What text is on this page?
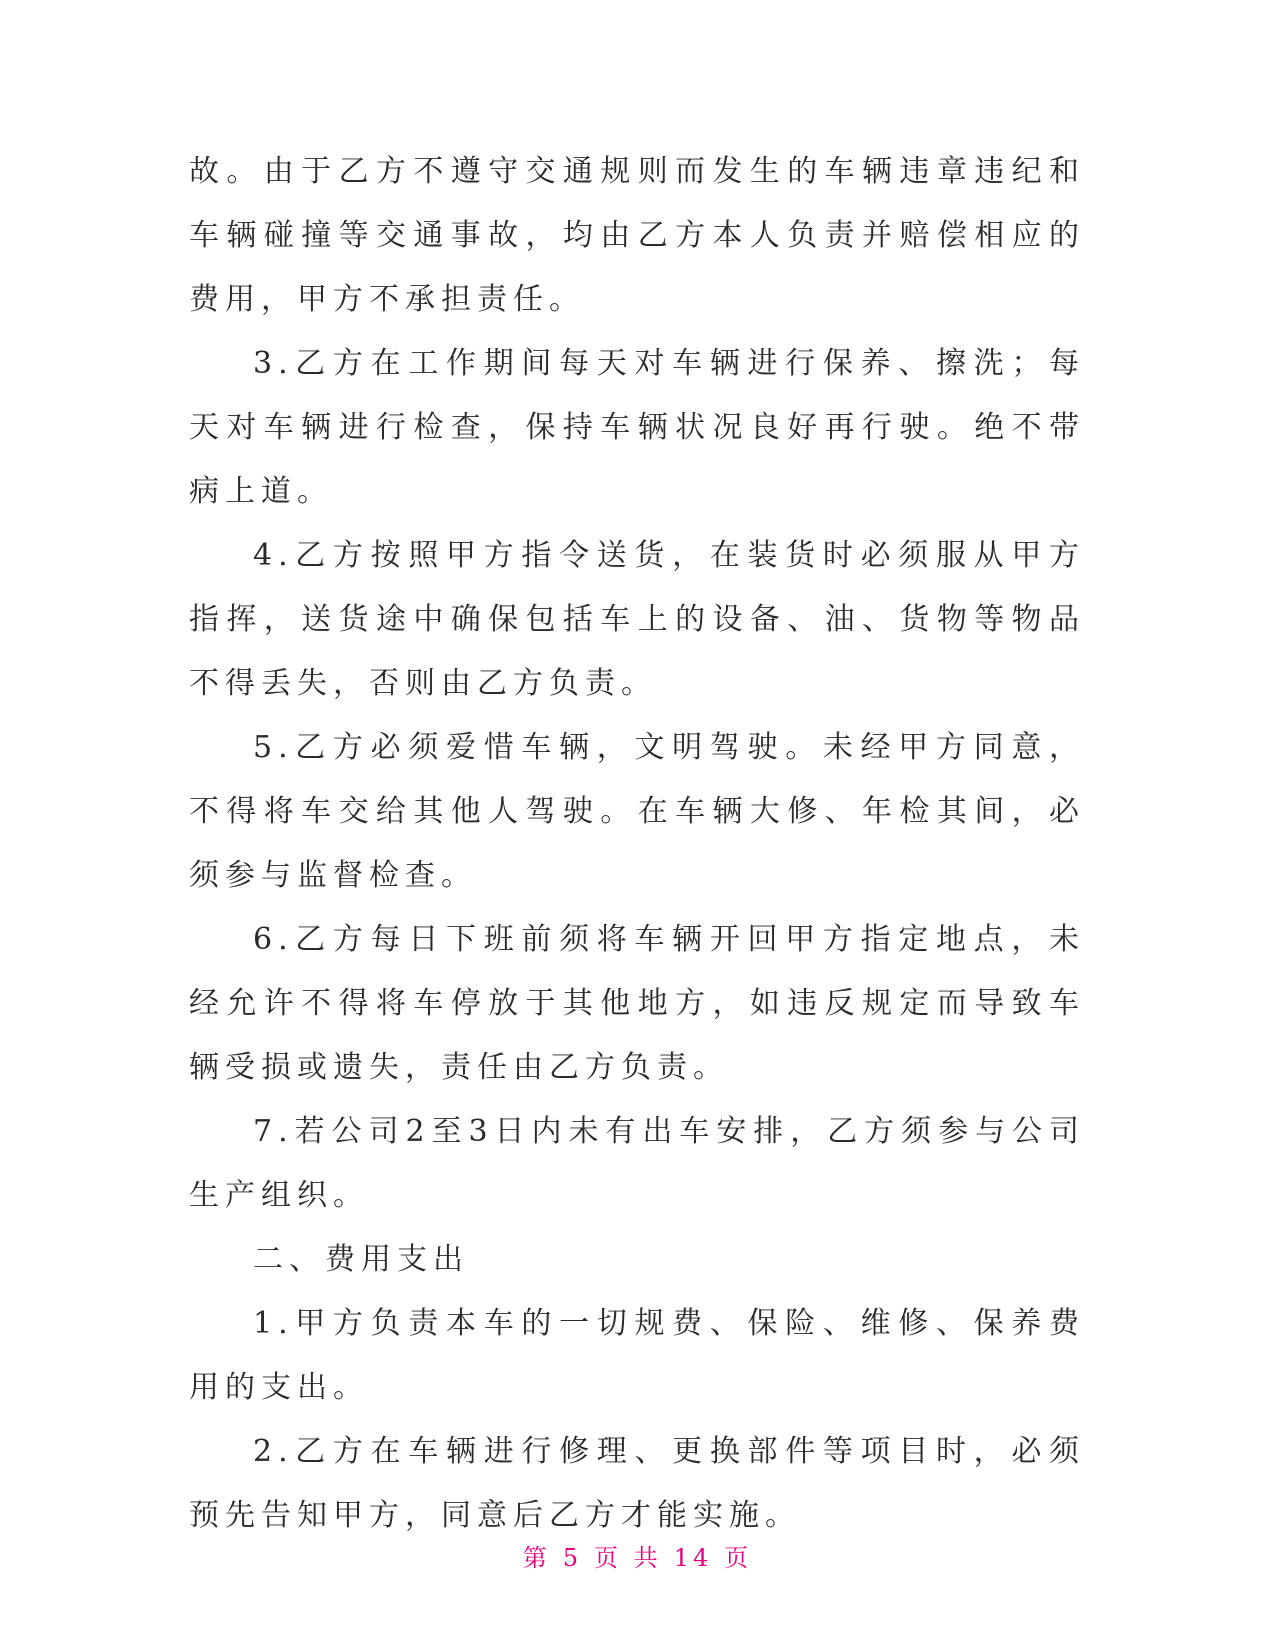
故。由于乙方不遵守交通规则而发生的车辆违章违纪和车辆碰撞等交通事故，均由乙方本人负责并赔偿相应的费用，甲方不承担责任。

3.乙方在工作期间每天对车辆进行保养、擦洗；每天对车辆进行检查，保持车辆状况良好再行驶。绝不带病上道。

4.乙方按照甲方指令送货，在装货时必须服从甲方指挥，送货途中确保包括车上的设备、油、货物等物品不得丢失，否则由乙方负责。

5.乙方必须爱惜车辆，文明驾驶。未经甲方同意，不得将车交给其他人驾驶。在车辆大修、年检其间，必须参与监督检查。

6.乙方每日下班前须将车辆开回甲方指定地点，未经允许不得将车停放于其他地方，如违反规定而导致车辆受损或遗失，责任由乙方负责。

7.若公司2至3日内未有出车安排，乙方须参与公司生产组织。

二、费用支出

1.甲方负责本车的一切规费、保险、维修、保养费用的支出。

2.乙方在车辆进行修理、更换部件等项目时，必须预先告知甲方，同意后乙方才能实施。

第 5 页 共 14 页
